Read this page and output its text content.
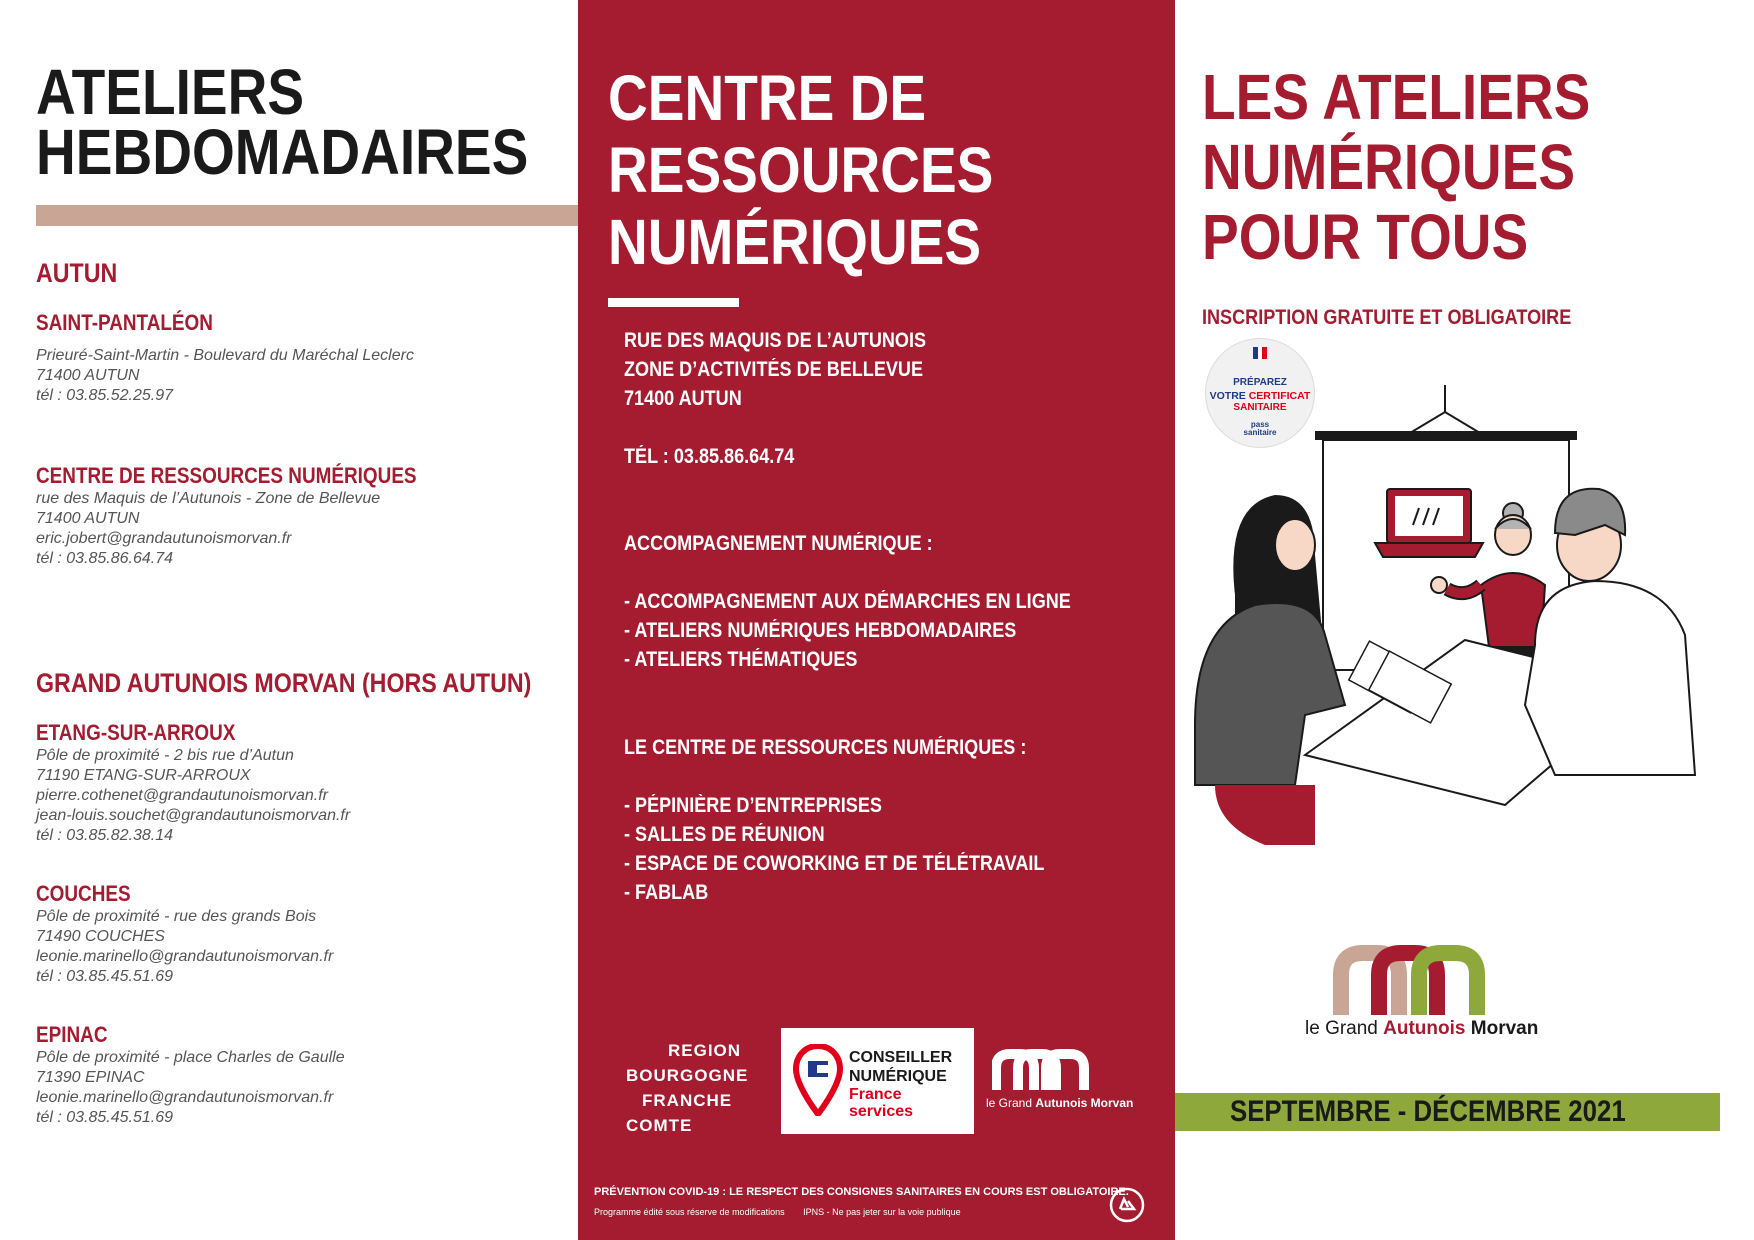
ATELIERS
HEBDOMADAIRES
AUTUN
SAINT-PANTALÉON
Prieuré-Saint-Martin - Boulevard du Maréchal Leclerc
71400 AUTUN
tél : 03.85.52.25.97
CENTRE DE RESSOURCES NUMÉRIQUES
rue des Maquis de l’Autunois - Zone de Bellevue
71400 AUTUN
eric.jobert@grandautunoismorvan.fr
tél : 03.85.86.64.74
GRAND AUTUNOIS MORVAN (HORS AUTUN)
ETANG-SUR-ARROUX
Pôle de proximité - 2 bis rue d’Autun
71190 ETANG-SUR-ARROUX
pierre.cothenet@grandautunoismorvan.fr
jean-louis.souchet@grandautunoismorvan.fr
tél : 03.85.82.38.14
COUCHES
Pôle de proximité - rue des grands Bois
71490 COUCHES
leonie.marinello@grandautunoismorvan.fr
tél : 03.85.45.51.69
EPINAC
Pôle de proximité - place Charles de Gaulle
71390 EPINAC
leonie.marinello@grandautunoismorvan.fr
tél : 03.85.45.51.69
CENTRE DE
RESSOURCES
NUMÉRIQUES
RUE DES MAQUIS DE L’AUTUNOIS
ZONE D’ACTIVITÉS DE BELLEVUE
71400 AUTUN
TÉL : 03.85.86.64.74
ACCOMPAGNEMENT NUMÉRIQUE :
- ACCOMPAGNEMENT AUX DÉMARCHES EN LIGNE
- ATELIERS NUMÉRIQUES HEBDOMADAIRES
- ATELIERS THÉMATIQUES
LE CENTRE DE RESSOURCES NUMÉRIQUES :
- PÉPINIÈRE D’ENTREPRISES
- SALLES DE RÉUNION
- ESPACE DE COWORKING ET DE TÉLÉTRAVAIL
- FABLAB
REGION
BOURGOGNE
FRANCHE
COMTE
CONSEILLER
NUMÉRIQUE
France
services	le Grand Autunois Morvan
PRÉVENTION COVID-19 : LE RESPECT DES CONSIGNES SANITAIRES EN COURS EST OBLIGATOIRE.
Programme édité sous réserve de modifications IPNS - Ne pas jeter sur la voie publique
LES ATELIERS
NUMÉRIQUES
POUR TOUS
INSCRIPTION GRATUITE ET OBLIGATOIRE
PRÉPAREZ
VOTRE CERTIFICAT
SANITAIRE
pass
sanitaire
le Grand Autunois Morvan
SEPTEMBRE - DÉCEMBRE 2021
